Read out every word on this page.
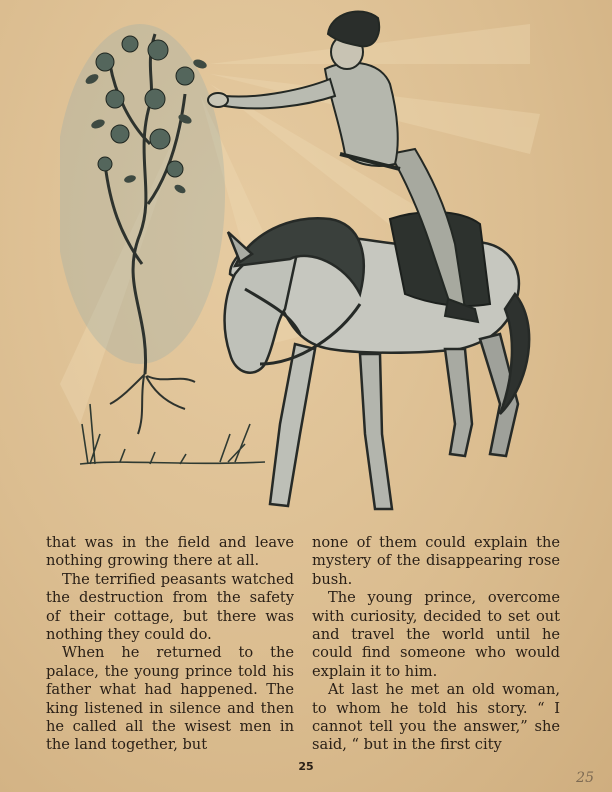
that was in the field and leave nothing growing there at all.

The terrified peasants watched the destruction from the safety of their cottage, but there was nothing they could do.

When he returned to the palace, the young prince told his father what had happened. The king listened in silence and then he called all the wisest men in the land together, but

none of them could explain the mystery of the disappearing rose bush.

The young prince, overcome with curiosity, decided to set out and travel the world until he could find someone who would explain it to him.

At last he met an old woman, to whom he told his story. “ I cannot tell you the answer,” she said, “ but in the first city

25
25
